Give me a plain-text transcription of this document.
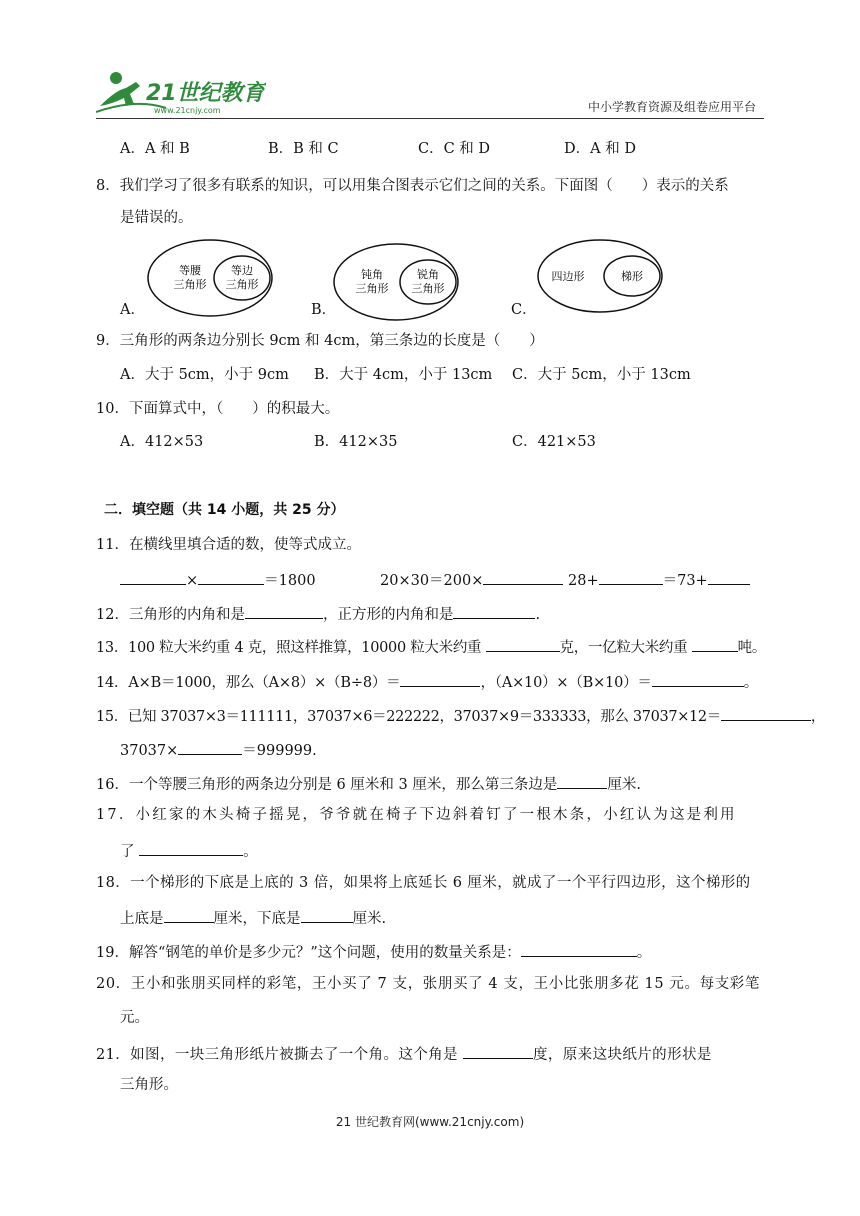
21世纪教育
www.21cnjy.com	中小学教育资源及组卷应用平台
A．A 和 B	B．B 和 C	C．C 和 D	D．A 和 D
8．我们学习了很多有联系的知识，可以用集合图表示它们之间的关系。下面图（　　）表示的关系
是错误的。
A．
等腰
三角形
等边
三角形
B．
钝角
三角形
锐角
三角形
C．
四边形	梯形
9．三角形的两条边分别长 9cm 和 4cm，第三条边的长度是（　　）
A．大于 5cm，小于 9cm B．大于 4cm，小于 13cm C．大于 5cm，小于 13cm
10．下面算式中，（　　）的积最大。
A．412×53	B．412×35	C．421×53
二．填空题（共 14 小题，共 25 分）
11．在横线里填合适的数，使等式成立。
×	＝1800	20×30＝200×	28+	＝73+
12．三角形的内角和是	，正方形的内角和是	.
13．100 粒大米约重 4 克，照这样推算，10000 粒大米约重	克，一亿粒大米约重	吨。
14．A×B＝1000，那么（A×8）×（B÷8）＝	，（A×10）×（B×10）＝	。
15．已知 37037×3＝111111，37037×6＝222222，37037×9＝333333，那么 37037×12＝	，
37037×	＝999999.
16．一个等腰三角形的两条边分别是 6 厘米和 3 厘米，那么第三条边是	厘米.
17．小红家的木头椅子摇晃，爷爷就在椅子下边斜着钉了一根木条，小红认为这是利用
了	。
18．一个梯形的下底是上底的 3 倍，如果将上底延长 6 厘米，就成了一个平行四边形，这个梯形的
上底是	厘米，下底是	厘米.
19．解答“钢笔的单价是多少元？”这个问题，使用的数量关系是：	。
20．王小和张朋买同样的彩笔，王小买了 7 支，张朋买了 4 支，王小比张朋多花 15 元。每支彩笔
元。
21．如图，一块三角形纸片被撕去了一个角。这个角是	度，原来这块纸片的形状是
三角形。
21 世纪教育网(www.21cnjy.com)
